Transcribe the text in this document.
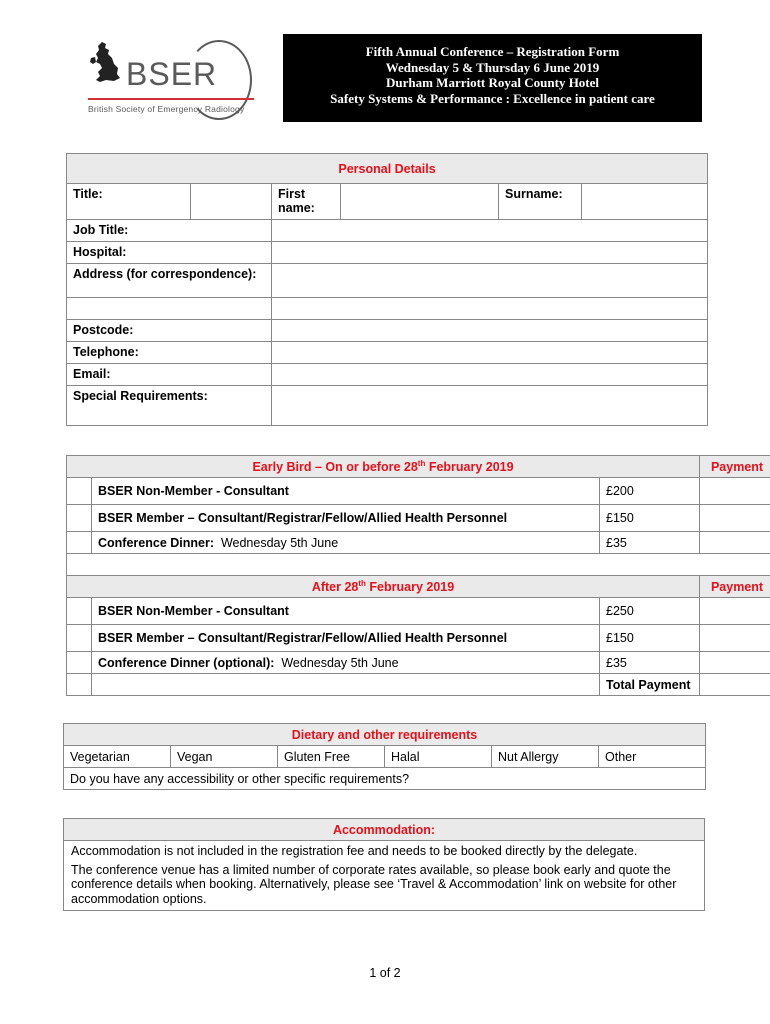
BSER
British Society of Emergency Radiology
Fifth Annual Conference – Registration Form
Wednesday 5 & Thursday 6 June 2019
Durham Marriott Royal County Hotel
Safety Systems & Performance : Excellence in patient care
Personal Details					
Title:		First name:		Surname:	
Job Title:					
Hospital:					
Address (for correspondence):					

Postcode:					
Telephone:					
Email:					
Special Requirements:					
Early Bird – On or before 28th February 2019			Payment
	BSER Non-Member - Consultant	£200	
	BSER Member – Consultant/Registrar/Fellow/Allied Health Personnel	£150	
	Conference Dinner:  Wednesday 5th June	£35	

After 28th February 2019			Payment
	BSER Non-Member - Consultant	£250	
	BSER Member – Consultant/Registrar/Fellow/Allied Health Personnel	£150	
	Conference Dinner (optional):  Wednesday 5th June	£35	
		Total Payment	
Dietary and other requirements
Vegetarian	Vegan	Gluten Free	Halal	Nut Allergy	Other
Do you have any accessibility or other specific requirements?
Accommodation:

Accommodation is not included in the registration fee and needs to be booked directly by the delegate.
The conference venue has a limited number of corporate rates available, so please book early and quote the conference details when booking. Alternatively, please see ‘Travel & Accommodation’ link on website for other accommodation options.
1 of 2
